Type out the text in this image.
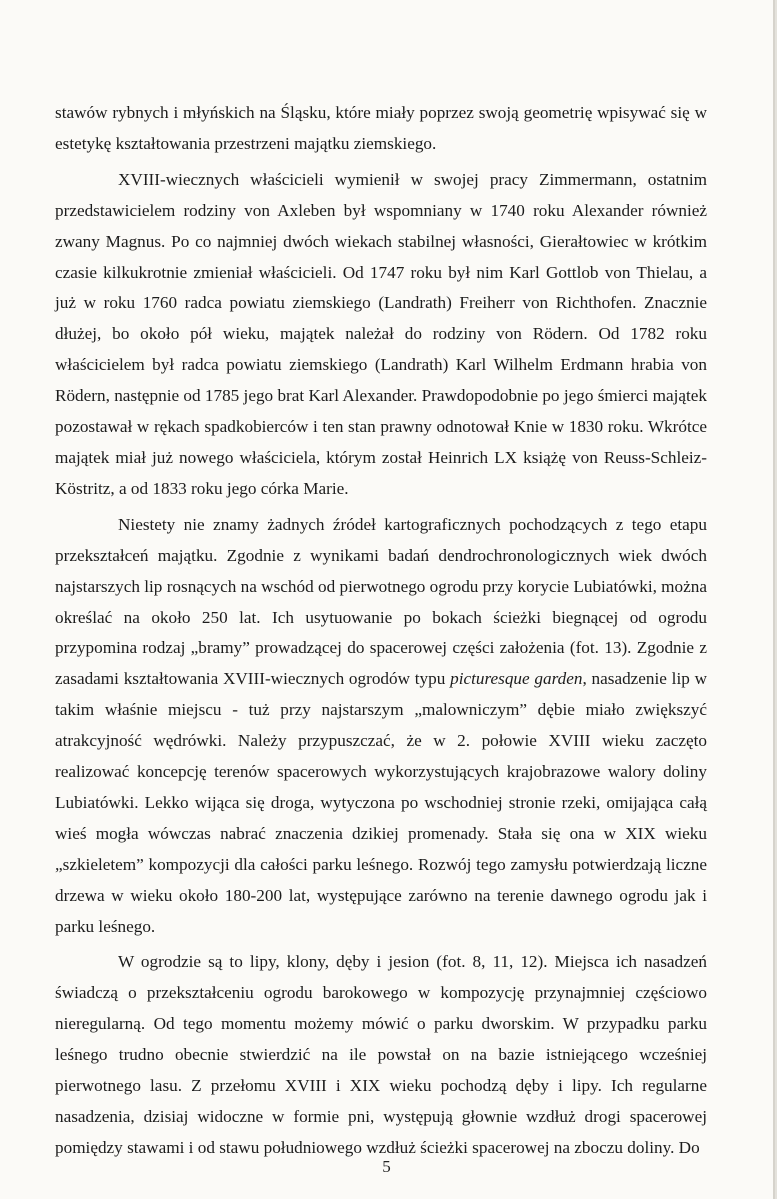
stawów rybnych i młyńskich na Śląsku, które miały poprzez swoją geometrię wpisywać się w estetykę kształtowania przestrzeni majątku ziemskiego.

XVIII-wiecznych właścicieli wymienił w swojej pracy Zimmermann, ostatnim przedstawicielem rodziny von Axleben był wspomniany w 1740 roku Alexander również zwany Magnus. Po co najmniej dwóch wiekach stabilnej własności, Gierałtowiec w krótkim czasie kilkukrotnie zmieniał właścicieli. Od 1747 roku był nim Karl Gottlob von Thielau, a już w roku 1760 radca powiatu ziemskiego (Landrath) Freiherr von Richthofen. Znacznie dłużej, bo około pół wieku, majątek należał do rodziny von Rödern. Od 1782 roku właścicielem był radca powiatu ziemskiego (Landrath) Karl Wilhelm Erdmann hrabia von Rödern, następnie od 1785 jego brat Karl Alexander. Prawdopodobnie po jego śmierci majątek pozostawał w rękach spadkobierców i ten stan prawny odnotował Knie w 1830 roku. Wkrótce majątek miał już nowego właściciela, którym został Heinrich LX książę von Reuss-Schleiz-Köstritz, a od 1833 roku jego córka Marie.

Niestety nie znamy żadnych źródeł kartograficznych pochodzących z tego etapu przekształceń majątku. Zgodnie z wynikami badań dendrochronologicznych wiek dwóch najstarszych lip rosnących na wschód od pierwotnego ogrodu przy korycie Lubiatówki, można określać na około 250 lat. Ich usytuowanie po bokach ścieżki biegnącej od ogrodu przypomina rodzaj „bramy” prowadzącej do spacerowej części założenia (fot. 13). Zgodnie z zasadami kształtowania XVIII-wiecznych ogrodów typu picturesque garden, nasadzenie lip w takim właśnie miejscu - tuż przy najstarszym „malowniczym” dębie miało zwiększyć atrakcyjność wędrówki. Należy przypuszczać, że w 2. połowie XVIII wieku zaczęto realizować koncepcję terenów spacerowych wykorzystujących krajobrazowe walory doliny Lubiatówki. Lekko wijąca się droga, wytyczona po wschodniej stronie rzeki, omijająca całą wieś mogła wówczas nabrać znaczenia dzikiej promenady. Stała się ona w XIX wieku „szkieletem” kompozycji dla całości parku leśnego. Rozwój tego zamysłu potwierdzają liczne drzewa w wieku około 180-200 lat, występujące zarówno na terenie dawnego ogrodu jak i parku leśnego.

W ogrodzie są to lipy, klony, dęby i jesion (fot. 8, 11, 12). Miejsca ich nasadzeń świadczą o przekształceniu ogrodu barokowego w kompozycję przynajmniej częściowo nieregularną. Od tego momentu możemy mówić o parku dworskim. W przypadku parku leśnego trudno obecnie stwierdzić na ile powstał on na bazie istniejącego wcześniej pierwotnego lasu. Z przełomu XVIII i XIX wieku pochodzą dęby i lipy. Ich regularne nasadzenia, dzisiaj widoczne w formie pni, występują głownie wzdłuż drogi spacerowej pomiędzy stawami i od stawu południowego wzdłuż ścieżki spacerowej na zboczu doliny. Do

5
